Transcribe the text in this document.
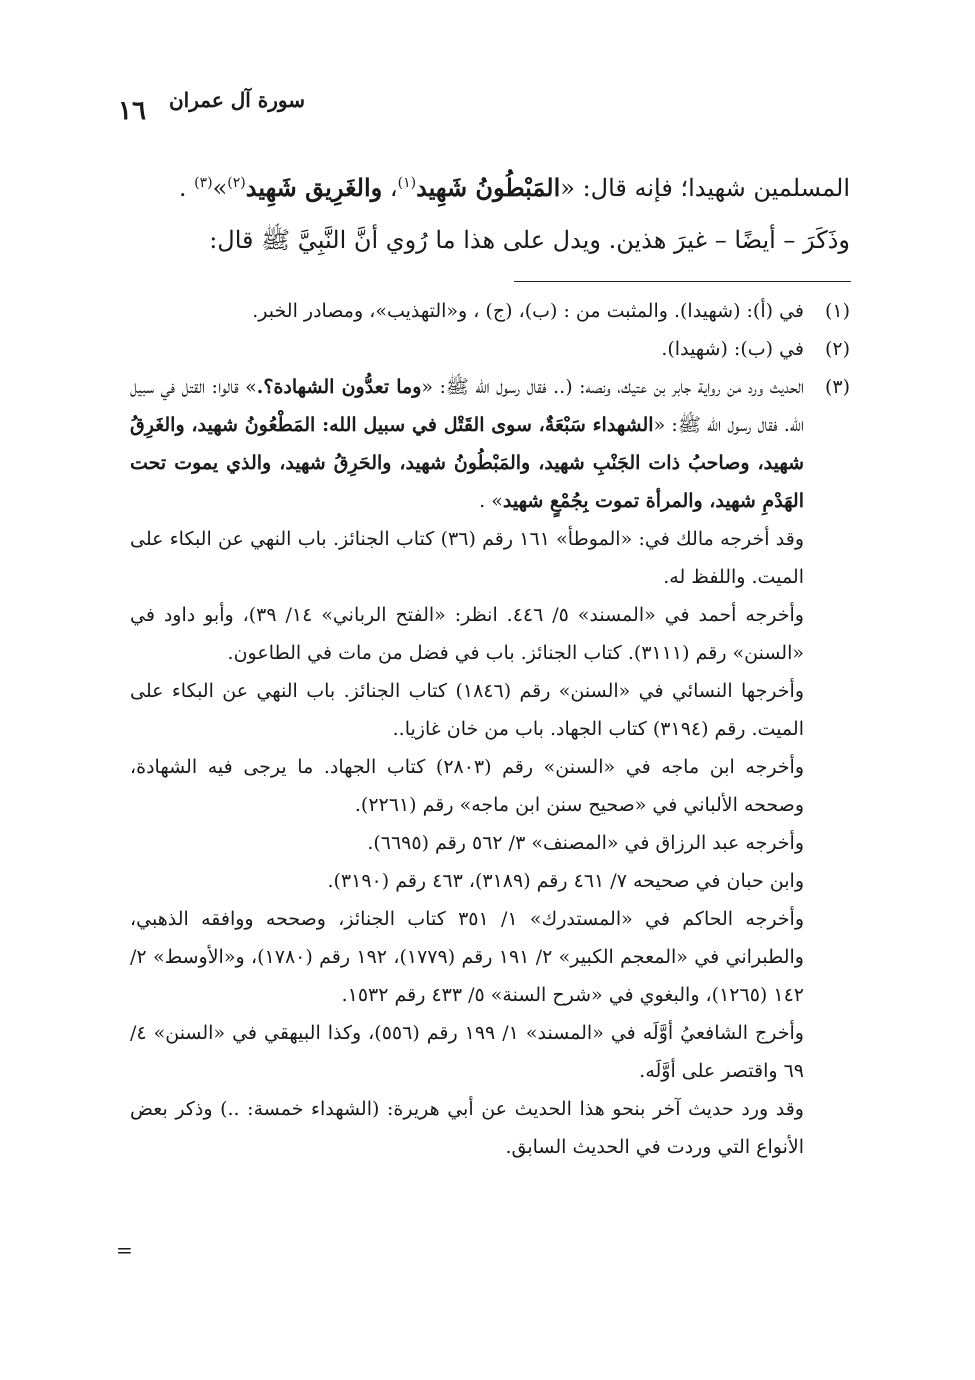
١٦	سورة آل عمران

المسلمين شهيدا؛ فإنه قال: «المَبْطُونُ شَهِيد$^{(١)}$، والغَرِيق شَهِيد$^{(٢)}$»$^{(٣)}$ .

وذَكَرَ – أيضًا – غيرَ هذين. ويدل على هذا ما رُوي أنَّ النَّبِيَّ ﷺ قال:

(١)
في (أ): (شهيدا). والمثبت من : (ب)، (ج) ، و«التهذيب»، ومصادر الخبر.
(٢)
في (ب): (شهيدا).
(٣)

الحديث ورد من رواية جابر بن عتيك، ونصه: (.. فقال رسول الله ﷺ: «وما تعدُّون الشهادة؟.» قالوا: القتل في سبيل الله. فقال رسول الله ﷺ: «الشهداء سَبْعَةٌ، سوى القَتْل في سبيل الله: المَطْعُونُ شهيد، والغَرِقُ شهيد، وصاحبُ ذات الجَنْبِ شهيد، والمَبْطُونُ شهيد، والحَرِقُ شهيد، والذي يموت تحت الهَدْمِ شهيد، والمرأة تموت بِجُمْعٍ شهيد» .

وقد أخرجه مالك في: «الموطأ» ١٦١ رقم (٣٦) كتاب الجنائز. باب النهي عن البكاء على الميت. واللفظ له.

وأخرجه أحمد في «المسند» ٥/ ٤٤٦. انظر: «الفتح الرباني» ١٤/ ٣٩)، وأبو داود في «السنن» رقم (٣١١١). كتاب الجنائز. باب في فضل من مات في الطاعون.

وأخرجها النسائي في «السنن» رقم (١٨٤٦) كتاب الجنائز. باب النهي عن البكاء على الميت. رقم (٣١٩٤) كتاب الجهاد. باب من خان غازيا..

وأخرجه ابن ماجه في «السنن» رقم (٢٨٠٣) كتاب الجهاد. ما يرجى فيه الشهادة، وصححه الألباني في «صحيح سنن ابن ماجه» رقم (٢٢٦١).

وأخرجه عبد الرزاق في «المصنف» ٣/ ٥٦٢ رقم (٦٦٩٥).

وابن حبان في صحيحه ٧/ ٤٦١ رقم (٣١٨٩)، ٤٦٣ رقم (٣١٩٠).

وأخرجه الحاكم في «المستدرك» ١/ ٣٥١ كتاب الجنائز، وصححه ووافقه الذهبي، والطبراني في «المعجم الكبير» ٢/ ١٩١ رقم (١٧٧٩)، ١٩٢ رقم (١٧٨٠)، و«الأوسط» ٢/ ١٤٢ (١٢٦٥)، والبغوي في «شرح السنة» ٥/ ٤٣٣ رقم ١٥٣٢.

وأخرج الشافعيُ أوَّلَه في «المسند» ١/ ١٩٩ رقم (٥٥٦)، وكذا البيهقي في «السنن» ٤/ ٦٩ واقتصر على أوَّلَه.

وقد ورد حديث آخر بنحو هذا الحديث عن أبي هريرة: (الشهداء خمسة: ..) وذكر بعض الأنواع التي وردت في الحديث السابق.

=
